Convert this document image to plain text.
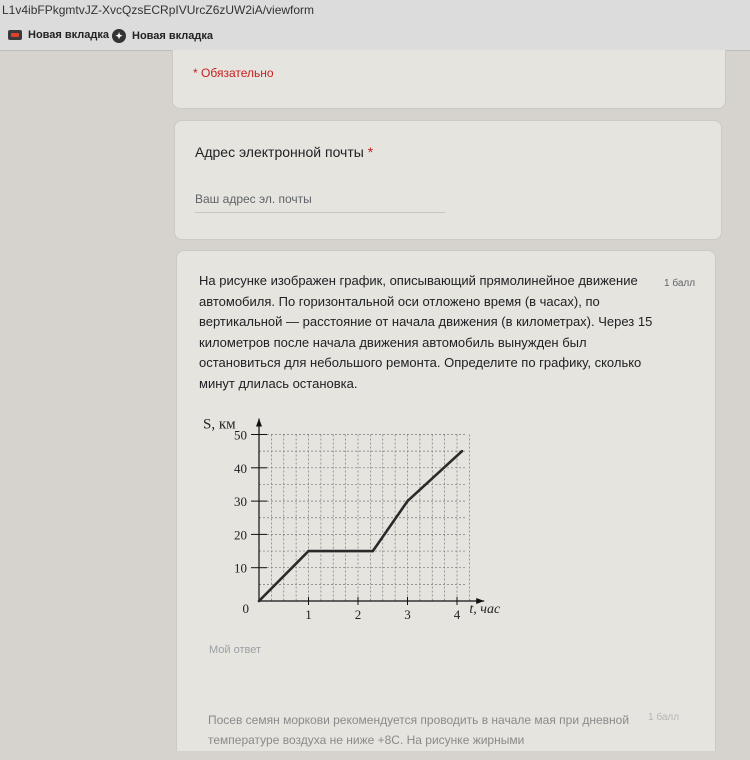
L1v4ibFPkgmtvJZ-XvcQzsECRpIVUrcZ6zUW2iA/viewform
Новая вкладка ✦ Новая вкладка
* Обязательно
Адрес электронной почты *
Ваш адрес эл. почты
На рисунке изображен график, описывающий прямолинейное движение автомобиля. По горизонтальной оси отложено время (в часах), по вертикальной — расстояние от начала движения (в километрах). Через 15 километров после начала движения автомобиль вынужден был остановиться для небольшого ремонта. Определите по графику, сколько минут длилась остановка.
1 балл
1	2	3	4
10
20
30
40
50
0
S, км
t, час
Мой ответ
Посев семян моркови рекомендуется проводить в начале мая при дневной температуре воздуха не ниже +8С. На рисунке жирными
1 балл
